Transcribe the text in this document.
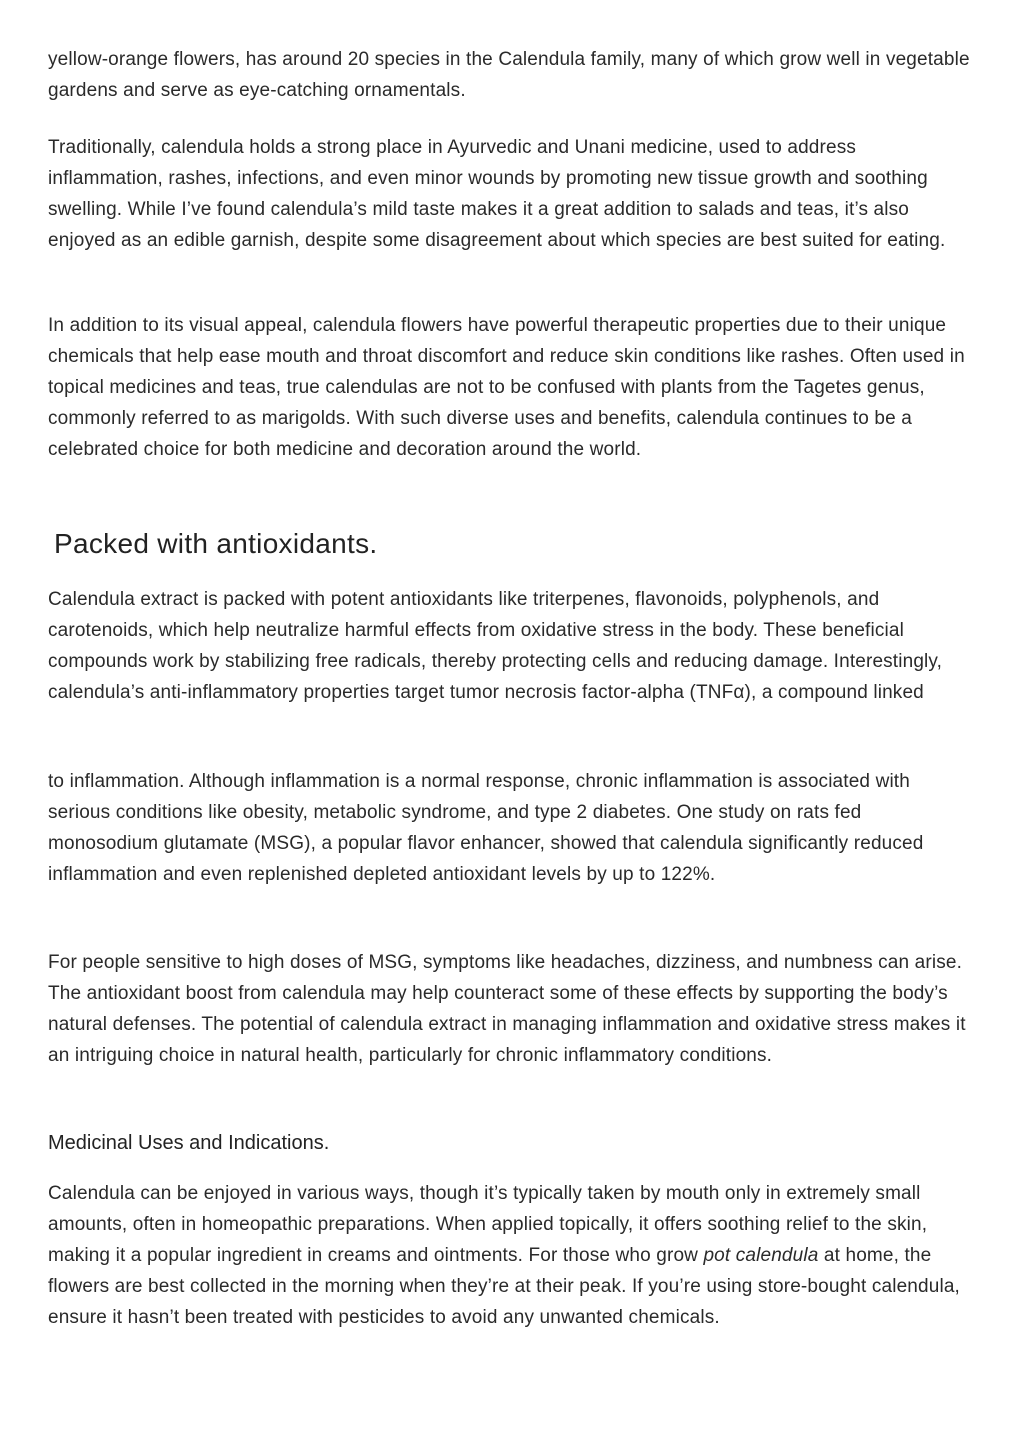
yellow-orange flowers, has around 20 species in the Calendula family, many of which grow well in vegetable gardens and serve as eye-catching ornamentals.

Traditionally, calendula holds a strong place in Ayurvedic and Unani medicine, used to address inflammation, rashes, infections, and even minor wounds by promoting new tissue growth and soothing swelling. While I’ve found calendula’s mild taste makes it a great addition to salads and teas, it’s also enjoyed as an edible garnish, despite some disagreement about which species are best suited for eating.

In addition to its visual appeal, calendula flowers have powerful therapeutic properties due to their unique chemicals that help ease mouth and throat discomfort and reduce skin conditions like rashes. Often used in topical medicines and teas, true calendulas are not to be confused with plants from the Tagetes genus, commonly referred to as marigolds. With such diverse uses and benefits, calendula continues to be a celebrated choice for both medicine and decoration around the world.

Packed with antioxidants.

Calendula extract is packed with potent antioxidants like triterpenes, flavonoids, polyphenols, and carotenoids, which help neutralize harmful effects from oxidative stress in the body. These beneficial compounds work by stabilizing free radicals, thereby protecting cells and reducing damage. Interestingly, calendula’s anti-inflammatory properties target tumor necrosis factor-alpha (TNFα), a compound linked

to inflammation. Although inflammation is a normal response, chronic inflammation is associated with serious conditions like obesity, metabolic syndrome, and type 2 diabetes. One study on rats fed monosodium glutamate (MSG), a popular flavor enhancer, showed that calendula significantly reduced inflammation and even replenished depleted antioxidant levels by up to 122%.

For people sensitive to high doses of MSG, symptoms like headaches, dizziness, and numbness can arise. The antioxidant boost from calendula may help counteract some of these effects by supporting the body’s natural defenses. The potential of calendula extract in managing inflammation and oxidative stress makes it an intriguing choice in natural health, particularly for chronic inflammatory conditions.

Medicinal Uses and Indications.

Calendula can be enjoyed in various ways, though it’s typically taken by mouth only in extremely small amounts, often in homeopathic preparations. When applied topically, it offers soothing relief to the skin, making it a popular ingredient in creams and ointments. For those who grow pot calendula at home, the flowers are best collected in the morning when they’re at their peak. If you’re using store-bought calendula, ensure it hasn’t been treated with pesticides to avoid any unwanted chemicals.
